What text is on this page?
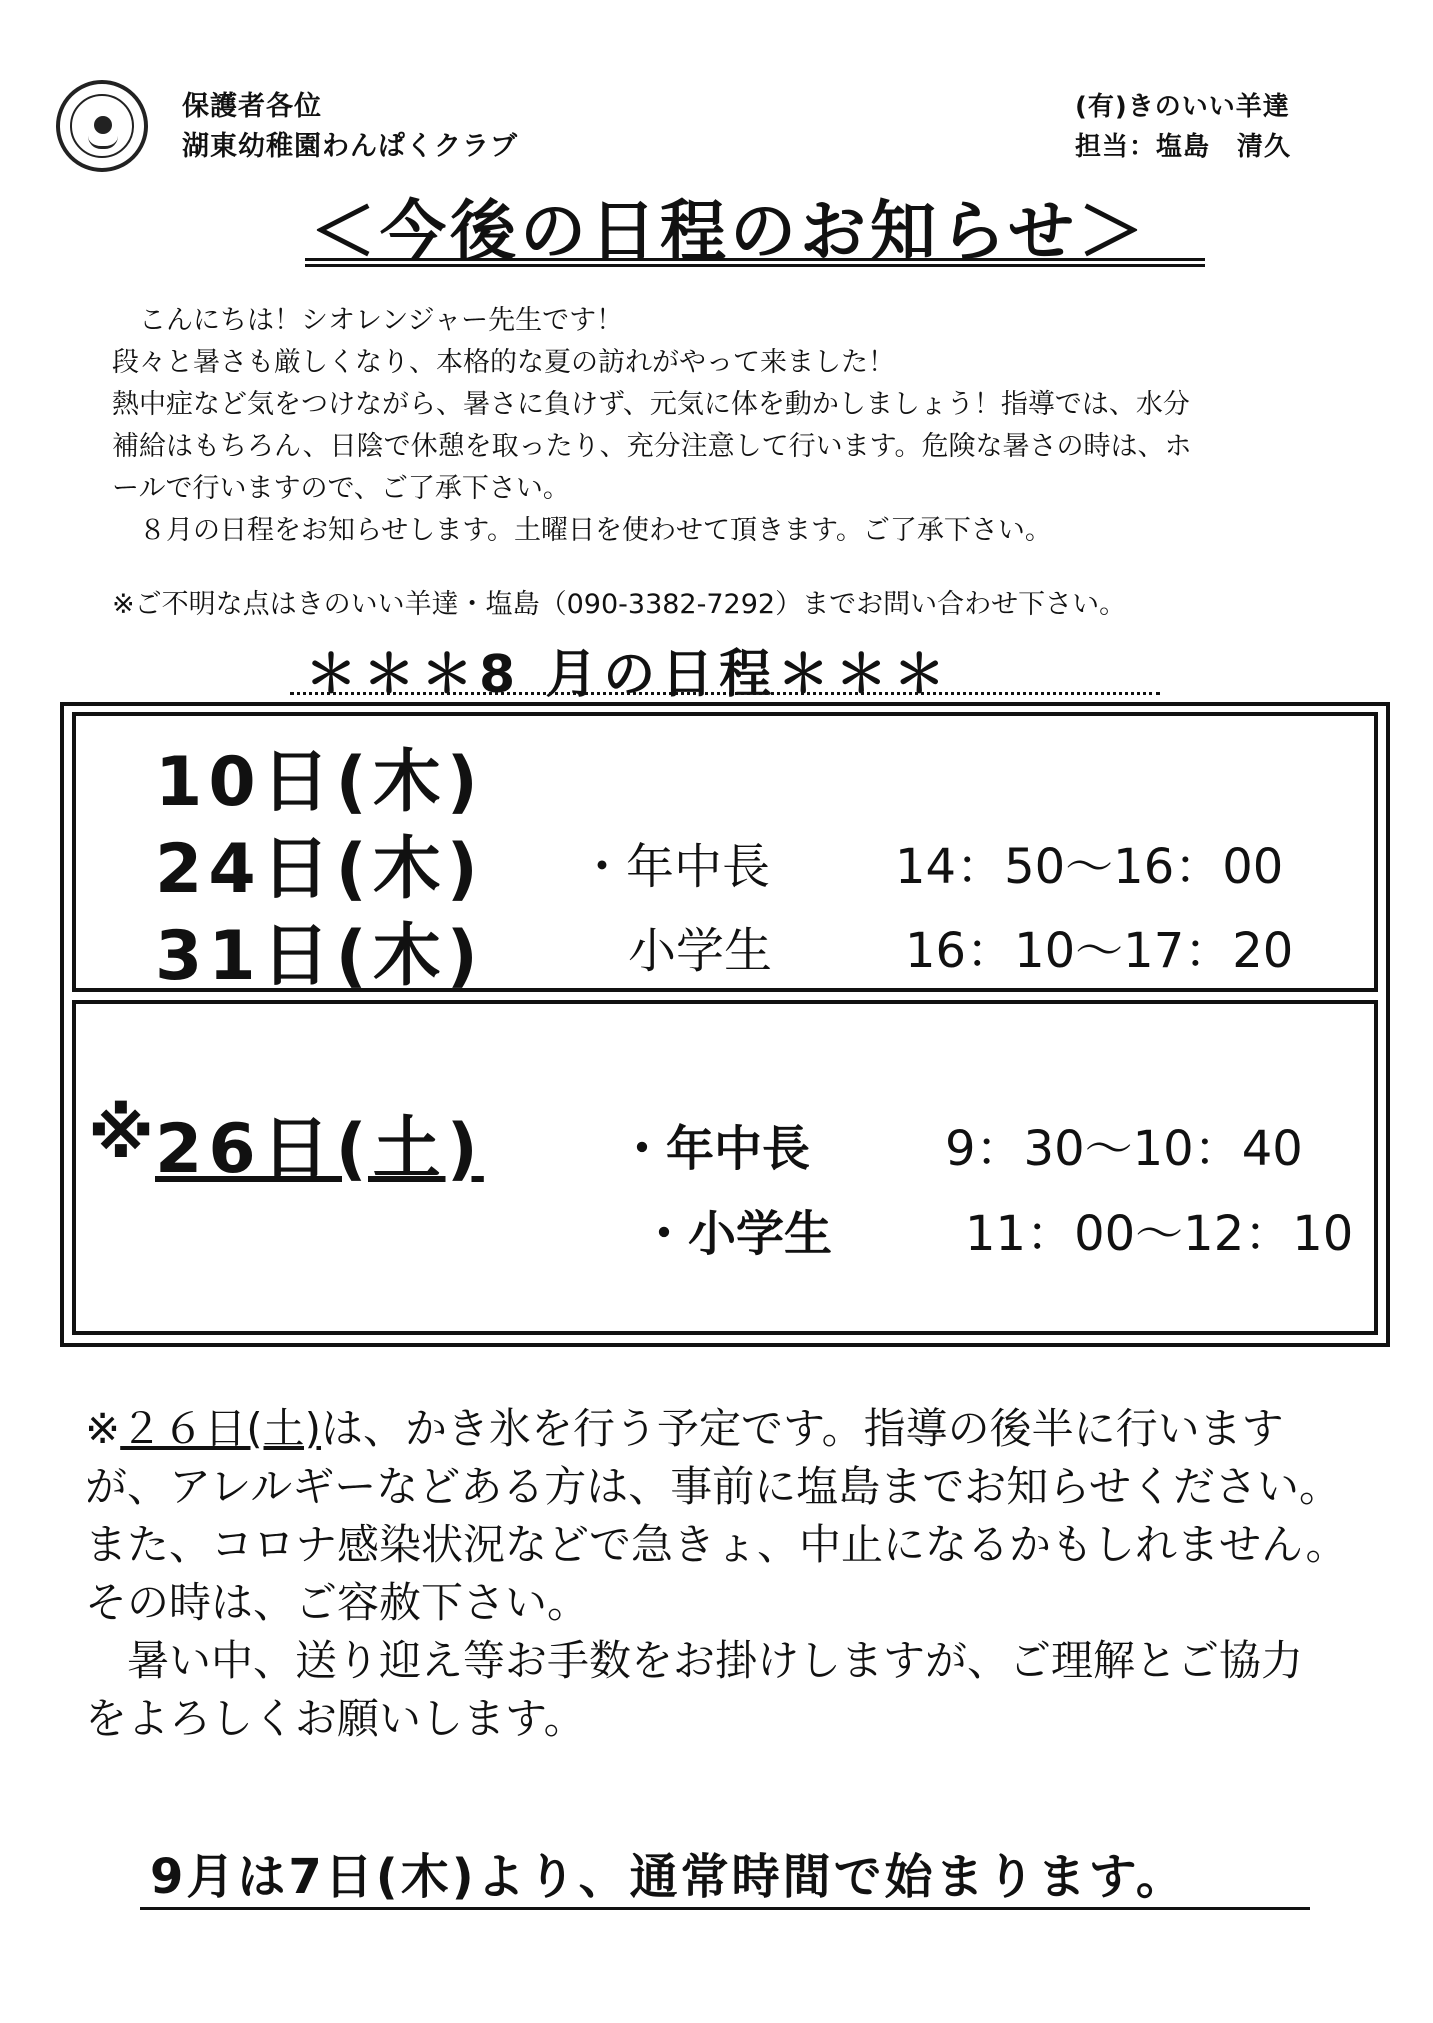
保護者各位
湖東幼稚園わんぱくクラブ
(有)きのいい羊達
担当：塩島　清久
＜今後の日程のお知らせ＞

　こんにちは！シオレンジャー先生です！

段々と暑さも厳しくなり、本格的な夏の訪れがやって来ました！

熱中症など気をつけながら、暑さに負けず、元気に体を動かしましょう！指導では、水分

補給はもちろん、日陰で休憩を取ったり、充分注意して行います。危険な暑さの時は、ホ

ールで行いますので、ご了承下さい。

　８月の日程をお知らせします。土曜日を使わせて頂きます。ご了承下さい。

※ご不明な点はきのいい羊達・塩島（090-3382-7292）までお問い合わせ下さい。
＊＊＊8 月の日程＊＊＊
10日(木)
24日(木)
31日(木)
・年中長	14：50〜16：00
小学生	16：10〜17：20
※
26日(土)	・年中長	9：30〜10：40
・小学生	11：00〜12：10

※２６日(土)は、かき氷を行う予定です。指導の後半に行います

が、アレルギーなどある方は、事前に塩島までお知らせください。

また、コロナ感染状況などで急きょ、中止になるかもしれません。

その時は、ご容赦下さい。

　暑い中、送り迎え等お手数をお掛けしますが、ご理解とご協力

をよろしくお願いします。

9月は7日(木)より、通常時間で始まります。
